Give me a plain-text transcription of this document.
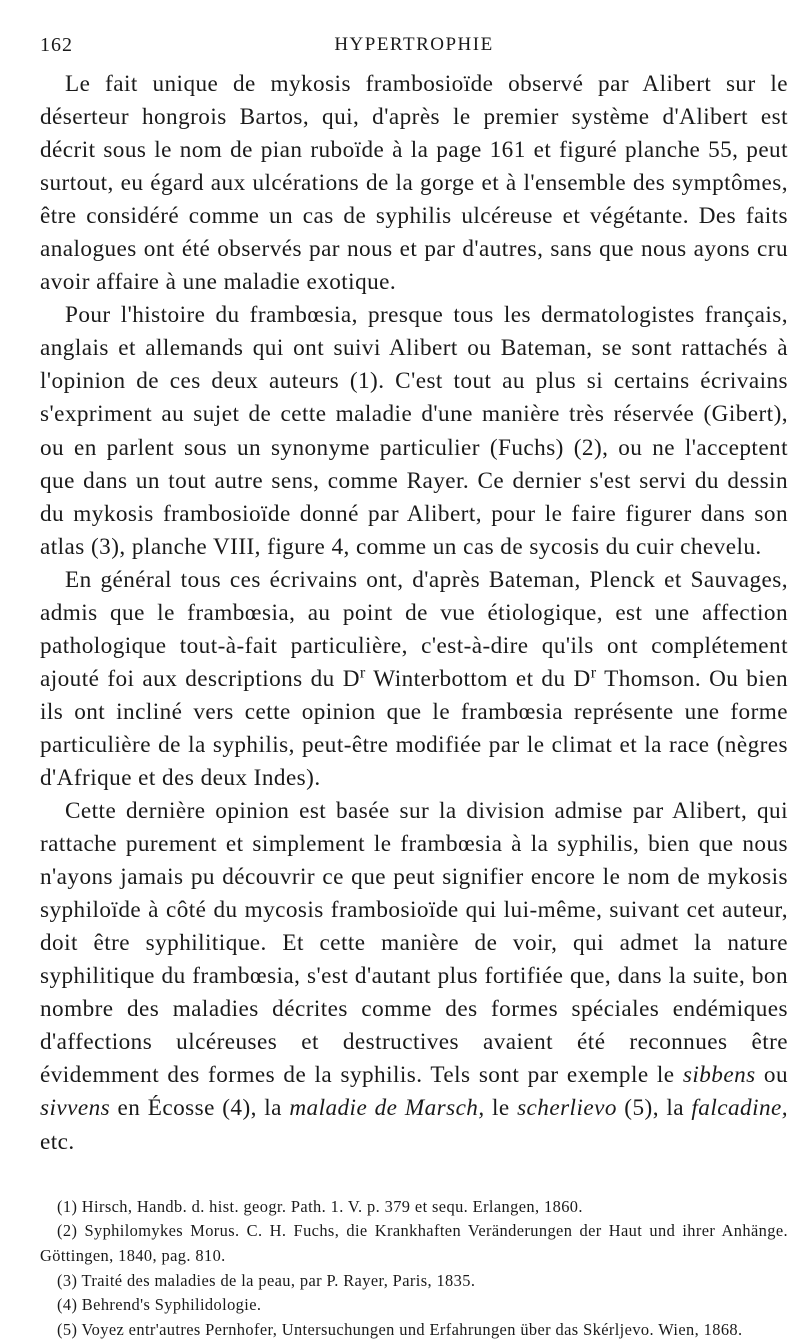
162	HYPERTROPHIE

Le fait unique de mykosis frambosioïde observé par Alibert sur le déserteur hongrois Bartos, qui, d'après le premier système d'Alibert est décrit sous le nom de pian ruboïde à la page 161 et figuré planche 55, peut surtout, eu égard aux ulcérations de la gorge et à l'ensemble des symptômes, être considéré comme un cas de syphilis ulcéreuse et végétante. Des faits analogues ont été observés par nous et par d'autres, sans que nous ayons cru avoir affaire à une maladie exotique.

Pour l'histoire du frambœsia, presque tous les dermatologistes français, anglais et allemands qui ont suivi Alibert ou Bateman, se sont rattachés à l'opinion de ces deux auteurs (1). C'est tout au plus si certains écrivains s'expriment au sujet de cette maladie d'une manière très réservée (Gibert), ou en parlent sous un synonyme particulier (Fuchs) (2), ou ne l'acceptent que dans un tout autre sens, comme Rayer. Ce dernier s'est servi du dessin du mykosis frambosioïde donné par Alibert, pour le faire figurer dans son atlas (3), planche VIII, figure 4, comme un cas de sycosis du cuir chevelu.

En général tous ces écrivains ont, d'après Bateman, Plenck et Sauvages, admis que le frambœsia, au point de vue étiologique, est une affection pathologique tout-à-fait particulière, c'est-à-dire qu'ils ont complétement ajouté foi aux descriptions du $D^r$ Winterbottom et du $D^r$ Thomson. Ou bien ils ont incliné vers cette opinion que le frambœsia représente une forme particulière de la syphilis, peut-être modifiée par le climat et la race (nègres d'Afrique et des deux Indes).

Cette dernière opinion est basée sur la division admise par Alibert, qui rattache purement et simplement le frambœsia à la syphilis, bien que nous n'ayons jamais pu découvrir ce que peut signifier encore le nom de mykosis syphiloïde à côté du mycosis frambosioïde qui lui-même, suivant cet auteur, doit être syphilitique. Et cette manière de voir, qui admet la nature syphilitique du frambœsia, s'est d'autant plus fortifiée que, dans la suite, bon nombre des maladies décrites comme des formes spéciales endémiques d'affections ulcéreuses et destructives avaient été reconnues être évidemment des formes de la syphilis. Tels sont par exemple le sibbens ou sivvens en Écosse (4), la maladie de Marsch, le scherlievo (5), la falcadine, etc.

(1) Hirsch, Handb. d. hist. geogr. Path. 1. V. p. 379 et sequ. Erlangen, 1860.

(2) Syphilomykes Morus. C. H. Fuchs, die Krankhaften Veränderungen der Haut und ihrer Anhänge. Göttingen, 1840, pag. 810.

(3) Traité des maladies de la peau, par P. Rayer, Paris, 1835.

(4) Behrend's Syphilidologie.

(5) Voyez entr'autres Pernhofer, Untersuchungen und Erfahrungen über das Skérljevo. Wien, 1868.
